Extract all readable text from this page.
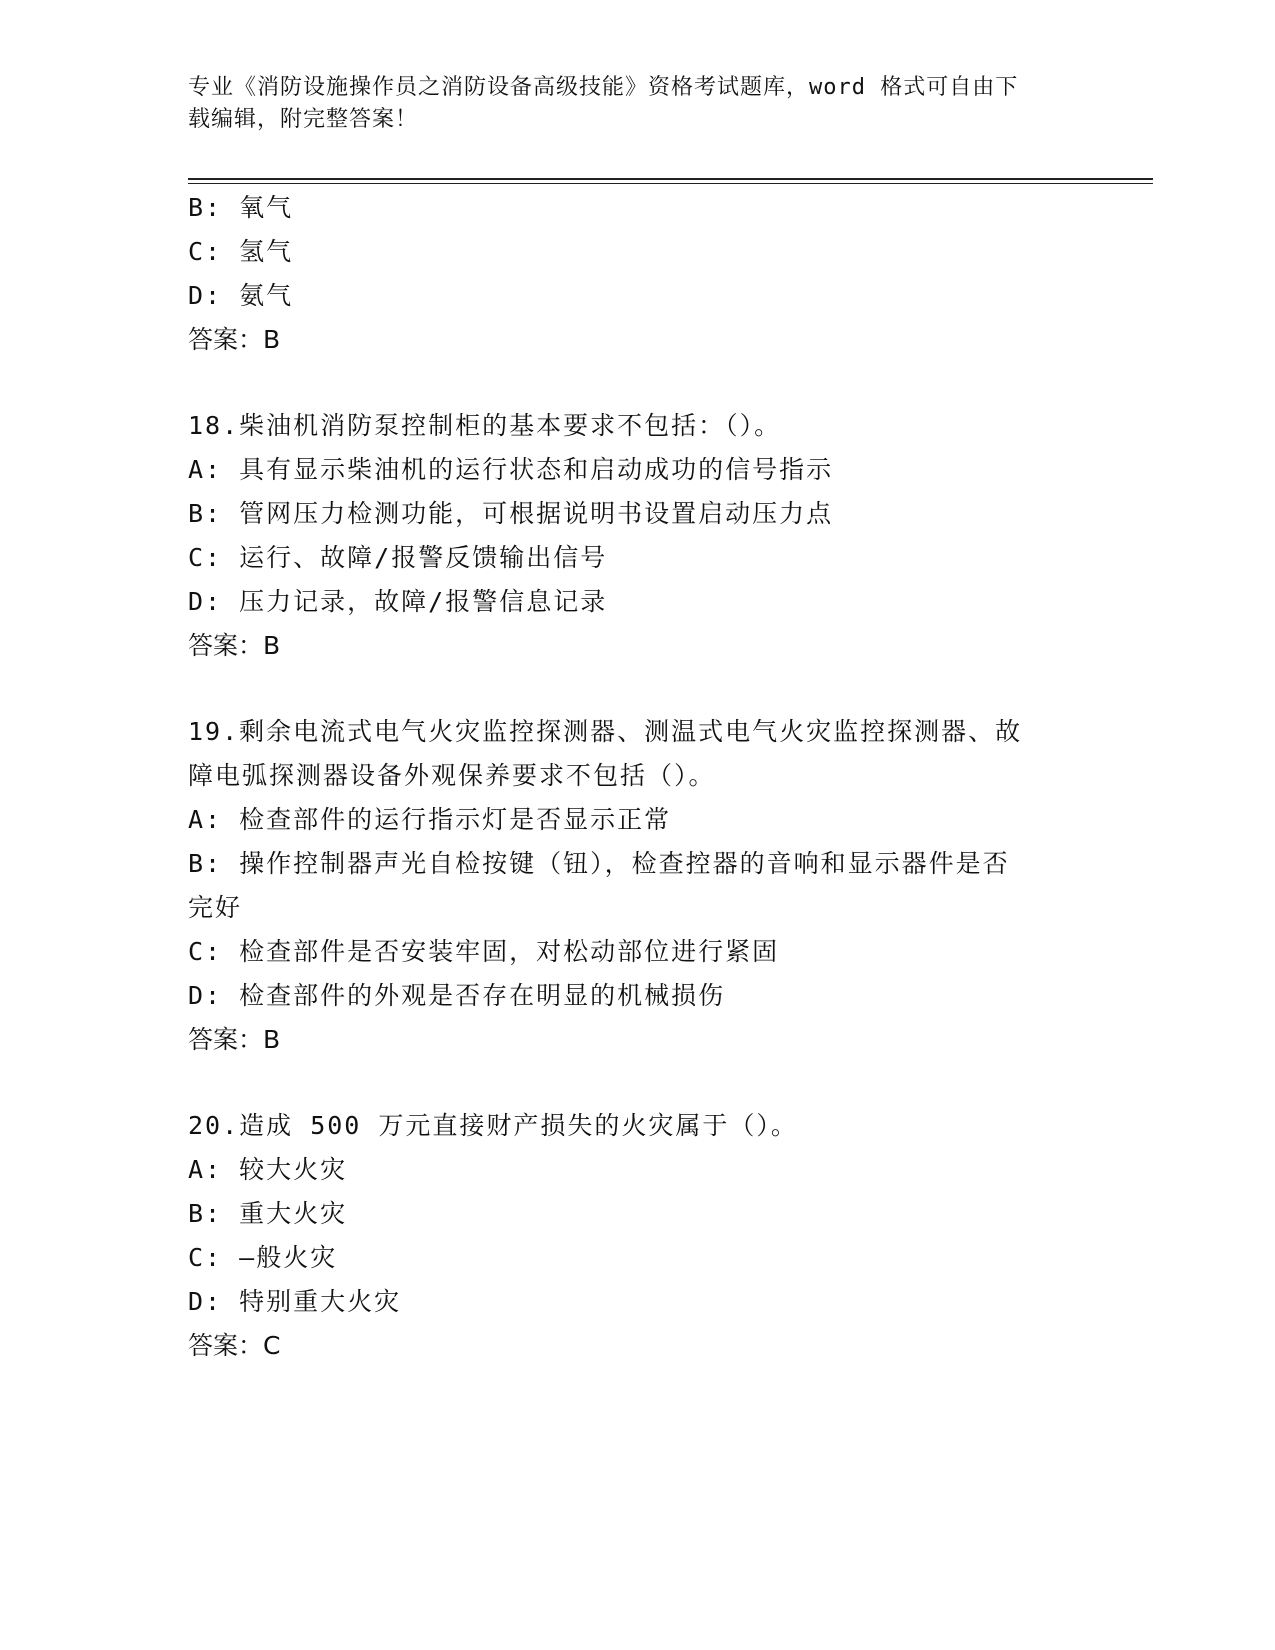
专业《消防设施操作员之消防设备高级技能》资格考试题库，word 格式可自由下
载编辑，附完整答案！
B: 氧气
C: 氢气
D: 氨气
答案：B
18.柴油机消防泵控制柜的基本要求不包括：（）。
A: 具有显示柴油机的运行状态和启动成功的信号指示
B: 管网压力检测功能，可根据说明书设置启动压力点
C: 运行、故障/报警反馈输出信号
D: 压力记录，故障/报警信息记录
答案：B
19.剩余电流式电气火灾监控探测器、测温式电气火灾监控探测器、故
障电弧探测器设备外观保养要求不包括（）。
A: 检查部件的运行指示灯是否显示正常
B: 操作控制器声光自检按键（钮），检查控器的音响和显示器件是否
完好
C: 检查部件是否安装牢固，对松动部位进行紧固
D: 检查部件的外观是否存在明显的机械损伤
答案：B
20.造成 500 万元直接财产损失的火灾属于（）。
A: 较大火灾
B: 重大火灾
C: —般火灾
D: 特别重大火灾
答案：C
